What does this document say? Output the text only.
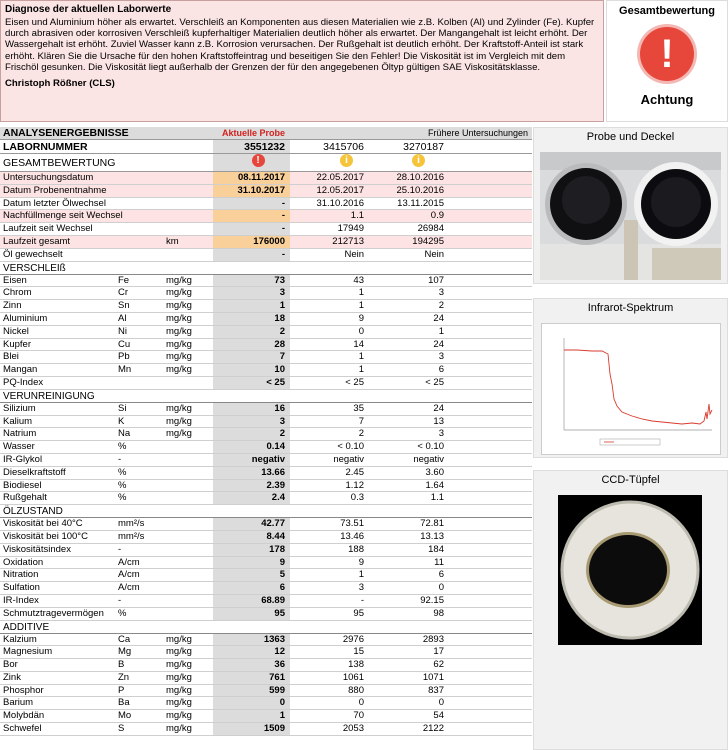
Diagnose der aktuellen Laborwerte

Eisen und Aluminium höher als erwartet. Verschleiß an Komponenten aus diesen Materialien wie z.B. Kolben (Al) und Zylinder (Fe). Kupfer durch abrasiven oder korrosiven Verschleiß kupferhaltiger Materialien deutlich höher als erwartet. Der Mangangehalt ist leicht erhöht. Der Wassergehalt ist erhöht. Zuviel Wasser kann z.B. Korrosion verursachen. Der Rußgehalt ist deutlich erhöht. Der Kraftstoff-Anteil ist stark erhöht. Klären Sie die Ursache für den hohen Kraftstoffeintrag und beseitigen Sie den Fehler! Die Viskosität ist im Vergleich mit dem Frischöl gesunken. Die Viskosität liegt außerhalb der Grenzen der für den angegebenen Öltyp gültigen SAE Viskositätsklasse.

Christoph Rößner (CLS)
Gesamtbewertung
!
Achtung
ANALYSENERGEBNISSE	Aktuelle Probe	Frühere Untersuchungen
LABORNUMMER	3551232	3415706	3270187
GESAMTBEWERTUNG	!	i	i
Untersuchungsdatum	08.11.2017	22.05.2017	28.10.2016
Datum Probenentnahme	31.10.2017	12.05.2017	25.10.2016
Datum letzter Ölwechsel	-	31.10.2016	13.11.2015
Nachfüllmenge seit Wechsel	-	1.1	0.9
Laufzeit seit Wechsel	-	17949	26984
Laufzeit gesamt	km	176000	212713	194295
Öl gewechselt	-	Nein	Nein
VERSCHLEIß
Eisen	Fe	mg/kg	73	43	107
Chrom	Cr	mg/kg	3	1	3
Zinn	Sn	mg/kg	1	1	2
Aluminium	Al	mg/kg	18	9	24
Nickel	Ni	mg/kg	2	0	1
Kupfer	Cu	mg/kg	28	14	24
Blei	Pb	mg/kg	7	1	3
Mangan	Mn	mg/kg	10	1	6
PQ-Index	< 25	< 25	< 25
VERUNREINIGUNG
Silizium	Si	mg/kg	16	35	24
Kalium	K	mg/kg	3	7	13
Natrium	Na	mg/kg	2	2	3
Wasser	%	0.14	< 0.10	< 0.10
IR-Glykol	-	negativ	negativ	negativ
Dieselkraftstoff	%	13.66	2.45	3.60
Biodiesel	%	2.39	1.12	1.64
Rußgehalt	%	2.4	0.3	1.1
ÖLZUSTAND
Viskosität bei 40°C	mm²/s	42.77	73.51	72.81
Viskosität bei 100°C	mm²/s	8.44	13.46	13.13
Viskositätsindex	-	178	188	184
Oxidation	A/cm	9	9	11
Nitration	A/cm	5	1	6
Sulfation	A/cm	6	3	0
IR-Index	-	68.89	-	92.15
Schmutztragevermögen %	95	95	98
ADDITIVE
Kalzium	Ca	mg/kg	1363	2976	2893
Magnesium	Mg	mg/kg	12	15	17
Bor	B	mg/kg	36	138	62
Zink	Zn	mg/kg	761	1061	1071
Phosphor	P	mg/kg	599	880	837
Barium	Ba	mg/kg	0	0	0
Molybdän	Mo	mg/kg	1	70	54
Schwefel	S	mg/kg	1509	2053	2122
Probe und Deckel
Infrarot-Spektrum
CCD-Tüpfel
